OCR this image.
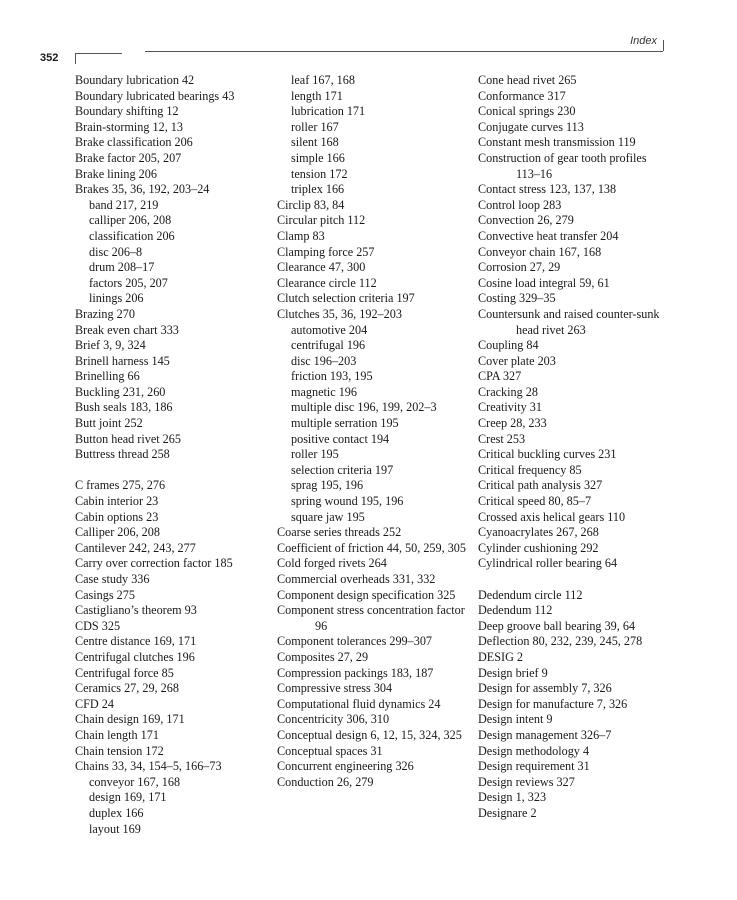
352
Index
Boundary lubrication 42
Boundary lubricated bearings 43
Boundary shifting 12
Brain-storming 12, 13
Brake classification 206
Brake factor 205, 207
Brake lining 206
Brakes 35, 36, 192, 203–24
band 217, 219
calliper 206, 208
classification 206
disc 206–8
drum 208–17
factors 205, 207
linings 206
Brazing 270
Break even chart 333
Brief 3, 9, 324
Brinell harness 145
Brinelling 66
Buckling 231, 260
Bush seals 183, 186
Butt joint 252
Button head rivet 265
Buttress thread 258
C frames 275, 276
Cabin interior 23
Cabin options 23
Calliper 206, 208
Cantilever 242, 243, 277
Carry over correction factor 185
Case study 336
Casings 275
Castigliano’s theorem 93
CDS 325
Centre distance 169, 171
Centrifugal clutches 196
Centrifugal force 85
Ceramics 27, 29, 268
CFD 24
Chain design 169, 171
Chain length 171
Chain tension 172
Chains 33, 34, 154–5, 166–73
conveyor 167, 168
design 169, 171
duplex 166
layout 169
leaf 167, 168
length 171
lubrication 171
roller 167
silent 168
simple 166
tension 172
triplex 166
Circlip 83, 84
Circular pitch 112
Clamp 83
Clamping force 257
Clearance 47, 300
Clearance circle 112
Clutch selection criteria 197
Clutches 35, 36, 192–203
automotive 204
centrifugal 196
disc 196–203
friction 193, 195
magnetic 196
multiple disc 196, 199, 202–3
multiple serration 195
positive contact 194
roller 195
selection criteria 197
sprag 195, 196
spring wound 195, 196
square jaw 195
Coarse series threads 252
Coefficient of friction 44, 50, 259, 305
Cold forged rivets 264
Commercial overheads 331, 332
Component design specification 325
Component stress concentration factor 96
Component tolerances 299–307
Composites 27, 29
Compression packings 183, 187
Compressive stress 304
Computational fluid dynamics 24
Concentricity 306, 310
Conceptual design 6, 12, 15, 324, 325
Conceptual spaces 31
Concurrent engineering 326
Conduction 26, 279
Cone head rivet 265
Conformance 317
Conical springs 230
Conjugate curves 113
Constant mesh transmission 119
Construction of gear tooth profiles 113–16
Contact stress 123, 137, 138
Control loop 283
Convection 26, 279
Convective heat transfer 204
Conveyor chain 167, 168
Corrosion 27, 29
Cosine load integral 59, 61
Costing 329–35
Countersunk and raised counter-sunk head rivet 263
Coupling 84
Cover plate 203
CPA 327
Cracking 28
Creativity 31
Creep 28, 233
Crest 253
Critical buckling curves 231
Critical frequency 85
Critical path analysis 327
Critical speed 80, 85–7
Crossed axis helical gears 110
Cyanoacrylates 267, 268
Cylinder cushioning 292
Cylindrical roller bearing 64
Dedendum circle 112
Dedendum 112
Deep groove ball bearing 39, 64
Deflection 80, 232, 239, 245, 278
DESIG 2
Design brief 9
Design for assembly 7, 326
Design for manufacture 7, 326
Design intent 9
Design management 326–7
Design methodology 4
Design requirement 31
Design reviews 327
Design 1, 323
Designare 2
